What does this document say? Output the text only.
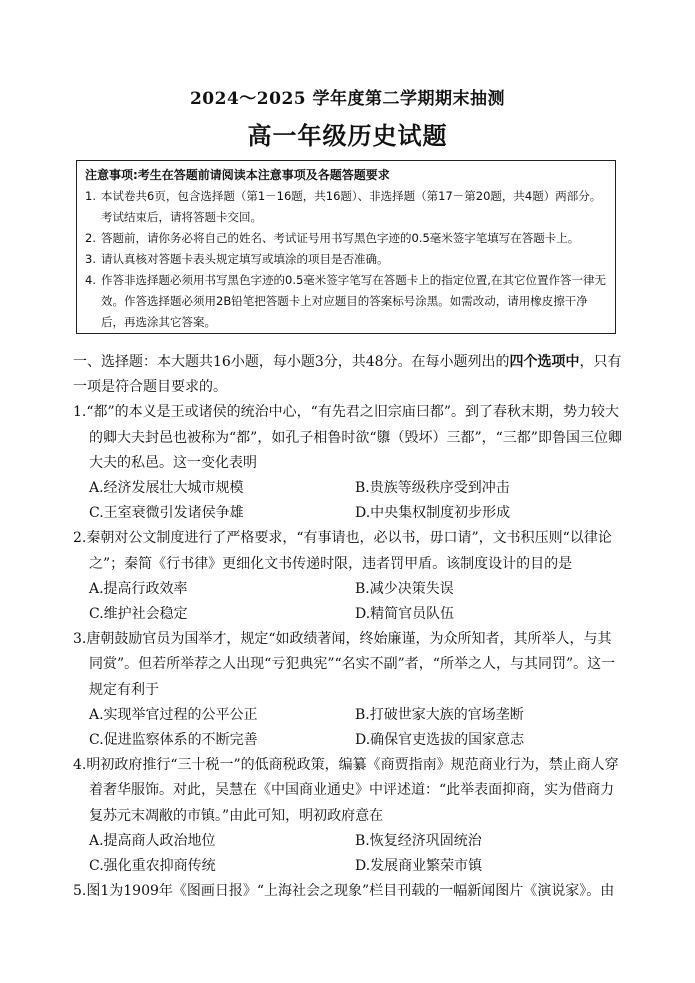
2024～2025 学年度第二学期期末抽测
高一年级历史试题
注意事项:考生在答题前请阅读本注意事项及各题答题要求
1. 本试卷共6页，包含选择题（第1－16题，共16题）、非选择题（第17－第20题，共4题）两部分。考试结束后，请将答题卡交回。
2. 答题前，请你务必将自己的姓名、考试证号用书写黑色字迹的0.5毫米签字笔填写在答题卡上。
3. 请认真核对答题卡表头规定填写或填涂的项目是否准确。
4. 作答非选择题必须用书写黑色字迹的0.5毫米签字笔写在答题卡上的指定位置,在其它位置作答一律无效。作答选择题必须用2B铅笔把答题卡上对应题目的答案标号涂黑。如需改动，请用橡皮擦干净后，再选涂其它答案。
一、选择题：本大题共16小题，每小题3分，共48分。在每小题列出的四个选项中，只有一项是符合题目要求的。
1.“都”的本义是王或诸侯的统治中心，“有先君之旧宗庙曰都”。到了春秋末期，势力较大的卿大夫封邑也被称为“都”，如孔子相鲁时欲“隳（毁坏）三都”，“三都”即鲁国三位卿大夫的私邑。这一变化表明
A.经济发展壮大城市规模	B.贵族等级秩序受到冲击
C.王室衰微引发诸侯争雄	D.中央集权制度初步形成
2.秦朝对公文制度进行了严格要求，“有事请也，必以书，毋口请”，文书积压则“以律论之”；秦简《行书律》更细化文书传递时限，违者罚甲盾。该制度设计的目的是
A.提高行政效率	B.减少决策失误
C.维护社会稳定	D.精简官员队伍
3.唐朝鼓励官员为国举才，规定“如政绩著闻，终始廉谨，为众所知者，其所举人，与其同赏”。但若所举荐之人出现“亏犯典宪”“名实不副”者，“所举之人，与其同罚”。这一规定有利于
A.实现举官过程的公平公正	B.打破世家大族的官场垄断
C.促进监察体系的不断完善	D.确保官吏选拔的国家意志
4.明初政府推行“三十税一”的低商税政策，编纂《商贾指南》规范商业行为，禁止商人穿着奢华服饰。对此，吴慧在《中国商业通史》中评述道：“此举表面抑商，实为借商力复苏元末凋敝的市镇。”由此可知，明初政府意在
A.提高商人政治地位	B.恢复经济巩固统治
C.强化重农抑商传统	D.发展商业繁荣市镇
5.图1为1909年《图画日报》“上海社会之现象”栏目刊载的一幅新闻图片《演说家》。由
